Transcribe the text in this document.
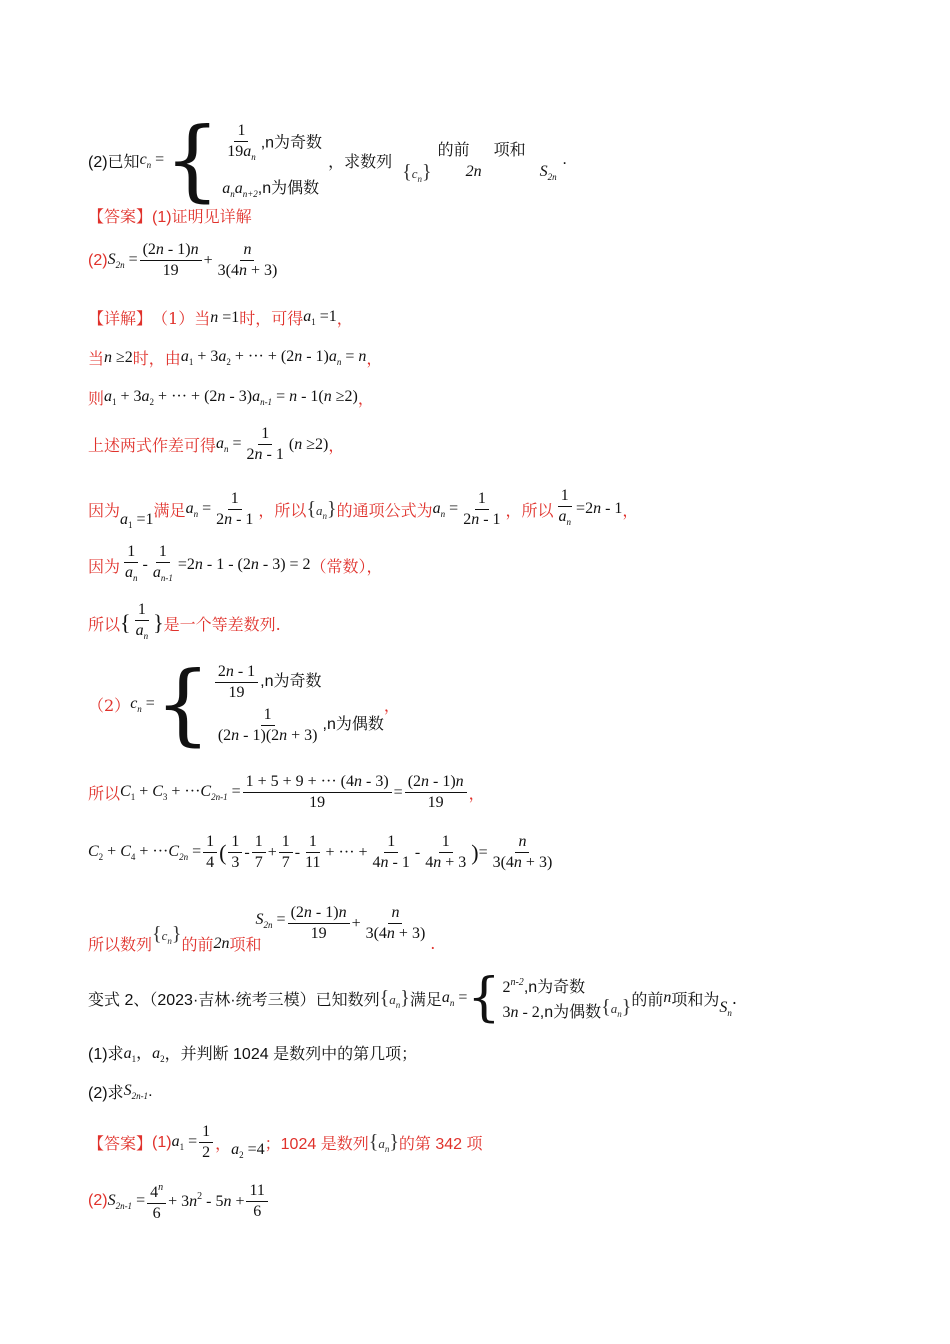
(2)已知 $c_n$ = { $\frac{1}{19a_n} ,n$为奇数
$a_na_{n+2},n$为偶数
，求数列 $\{c_n\}$
的前
2n
项和
$S_{2n}$
.
【答案】 (1)证明见详解
(2) $S_{2n} = \frac{(2n - 1)n}{19} + \frac{n}{3(4n + 3)}$
【详解】 （1）当 n =1 时，可得 $a_1 =1$ ，
当 n ≥2 时，由 $a_1 + 3a_2$ + ··· + $(2n - 1)a_n = n$ ，
则 $a_1 + 3a_2$ + ··· + $(2n - 3)a_{n-1} = n - 1(n \ge 2)$ ，
上述两式作差可得 $a_n = \frac{1}{2n - 1} (n \ge 2)$ ，
因为 $a_1 =1$ 满足 $a_n = \frac{1}{2n - 1}$ ，所以 $\{a_n\}$ 的通项公式为 $a_n = \frac{1}{2n - 1}$ ，所以 $\frac{1}{a_n} =2n - 1$ ，
因为 $\frac{1}{a_n} - \frac{1}{a_{n-1}} =2n - 1 - (2n - 3) = 2$ （常数），
所以 { $\frac{1}{a_n}$ } 是一个等差数列.
（2） $c_n$ = { $\frac{2n - 1}{19} ,n$为奇数
$\frac{1}{(2n - 1)(2n + 3)} ,n$为偶数
，
所以 $C_1 + C_3 + \cdot\cdot\cdot C_{2n-1} = \frac{1 + 5 + 9 + \cdot\cdot\cdot (4n - 3)}{19} = \frac{(2n - 1)n}{19}$ ，
$C_2 + C_4 + \cdot\cdot\cdot C_{2n} = \frac{1}{4}$ ( $\frac{1}{3} - \frac{1}{7} + \frac{1}{7} - \frac{1}{11}$ + ··· + $\frac{1}{4n - 1} - \frac{1}{4n + 3}$ ) = $\frac{n}{3(4n + 3)}$
所以数列 $\{c_n\}$ 的前 2n 项和
$S_{2n} = \frac{(2n - 1)n}{19} + \frac{n}{3(4n + 3)}$ .
变式 2、（2023·吉林·统考三模）已知数列 $\{a_n\}$ 满足 $a_n$ = { 2$^{n-2}$,n为奇数
3n - 2,n为偶数 $\{a_n\}$ 的前 n 项和为 $S_n$
.
(1)求 $a_1$，$a_2$ ，并判断 1024 是数列中的第几项；
(2)求 $S_{2n-1}$ .
【答案】 (1) $a_1 = \frac{1}{2}$ ， $a_2 =4$ ；1024 是数列 $\{a_n\}$ 的第 342 项
(2) $S_{2n-1} = \frac{4^n}{6} + 3n^2 - 5n + \frac{11}{6}$
